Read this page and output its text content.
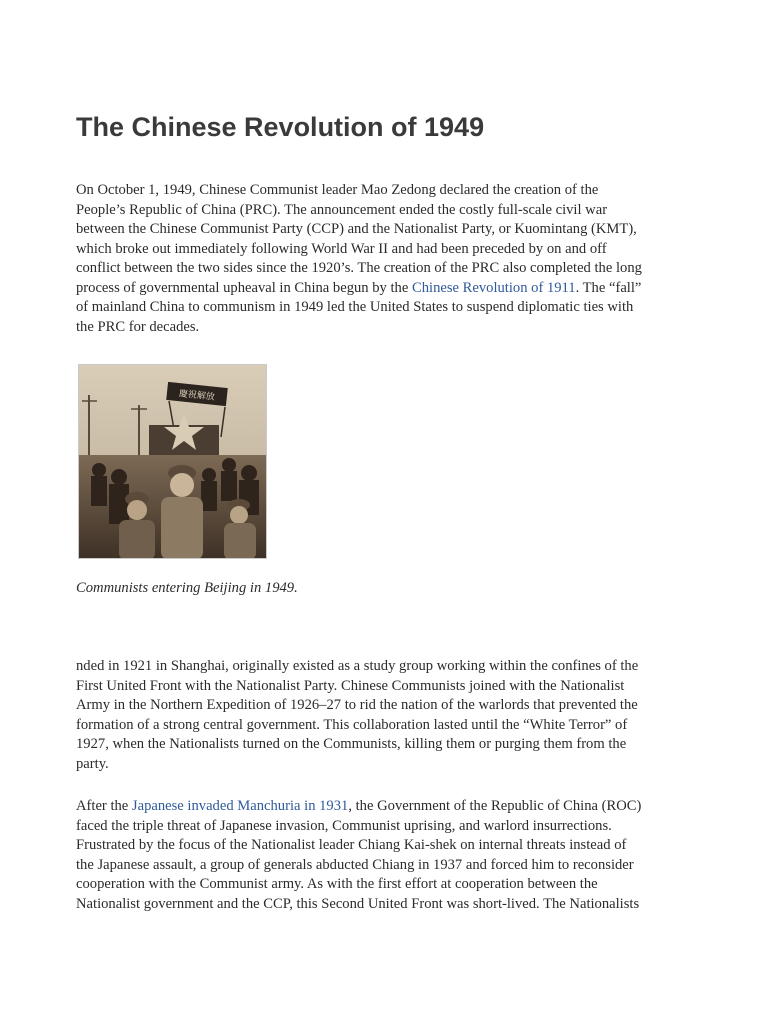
The Chinese Revolution of 1949

On October 1, 1949, Chinese Communist leader Mao Zedong declared the creation of the
People’s Republic of China (PRC). The announcement ended the costly full-scale civil war
between the Chinese Communist Party (CCP) and the Nationalist Party, or Kuomintang (KMT),
which broke out immediately following World War II and had been preceded by on and off
conflict between the two sides since the 1920’s. The creation of the PRC also completed the long
process of governmental upheaval in China begun by the Chinese Revolution of 1911. The “fall”
of mainland China to communism in 1949 led the United States to suspend diplomatic ties with
the PRC for decades.

慶祝解放

Communists entering Beijing in 1949.

nded in 1921 in Shanghai, originally existed as a study group working within the confines of the
First United Front with the Nationalist Party. Chinese Communists joined with the Nationalist
Army in the Northern Expedition of 1926–27 to rid the nation of the warlords that prevented the
formation of a strong central government. This collaboration lasted until the “White Terror” of
1927, when the Nationalists turned on the Communists, killing them or purging them from the
party.

After the Japanese invaded Manchuria in 1931, the Government of the Republic of China (ROC)
faced the triple threat of Japanese invasion, Communist uprising, and warlord insurrections.
Frustrated by the focus of the Nationalist leader Chiang Kai-shek on internal threats instead of
the Japanese assault, a group of generals abducted Chiang in 1937 and forced him to reconsider
cooperation with the Communist army. As with the first effort at cooperation between the
Nationalist government and the CCP, this Second United Front was short-lived. The Nationalists
